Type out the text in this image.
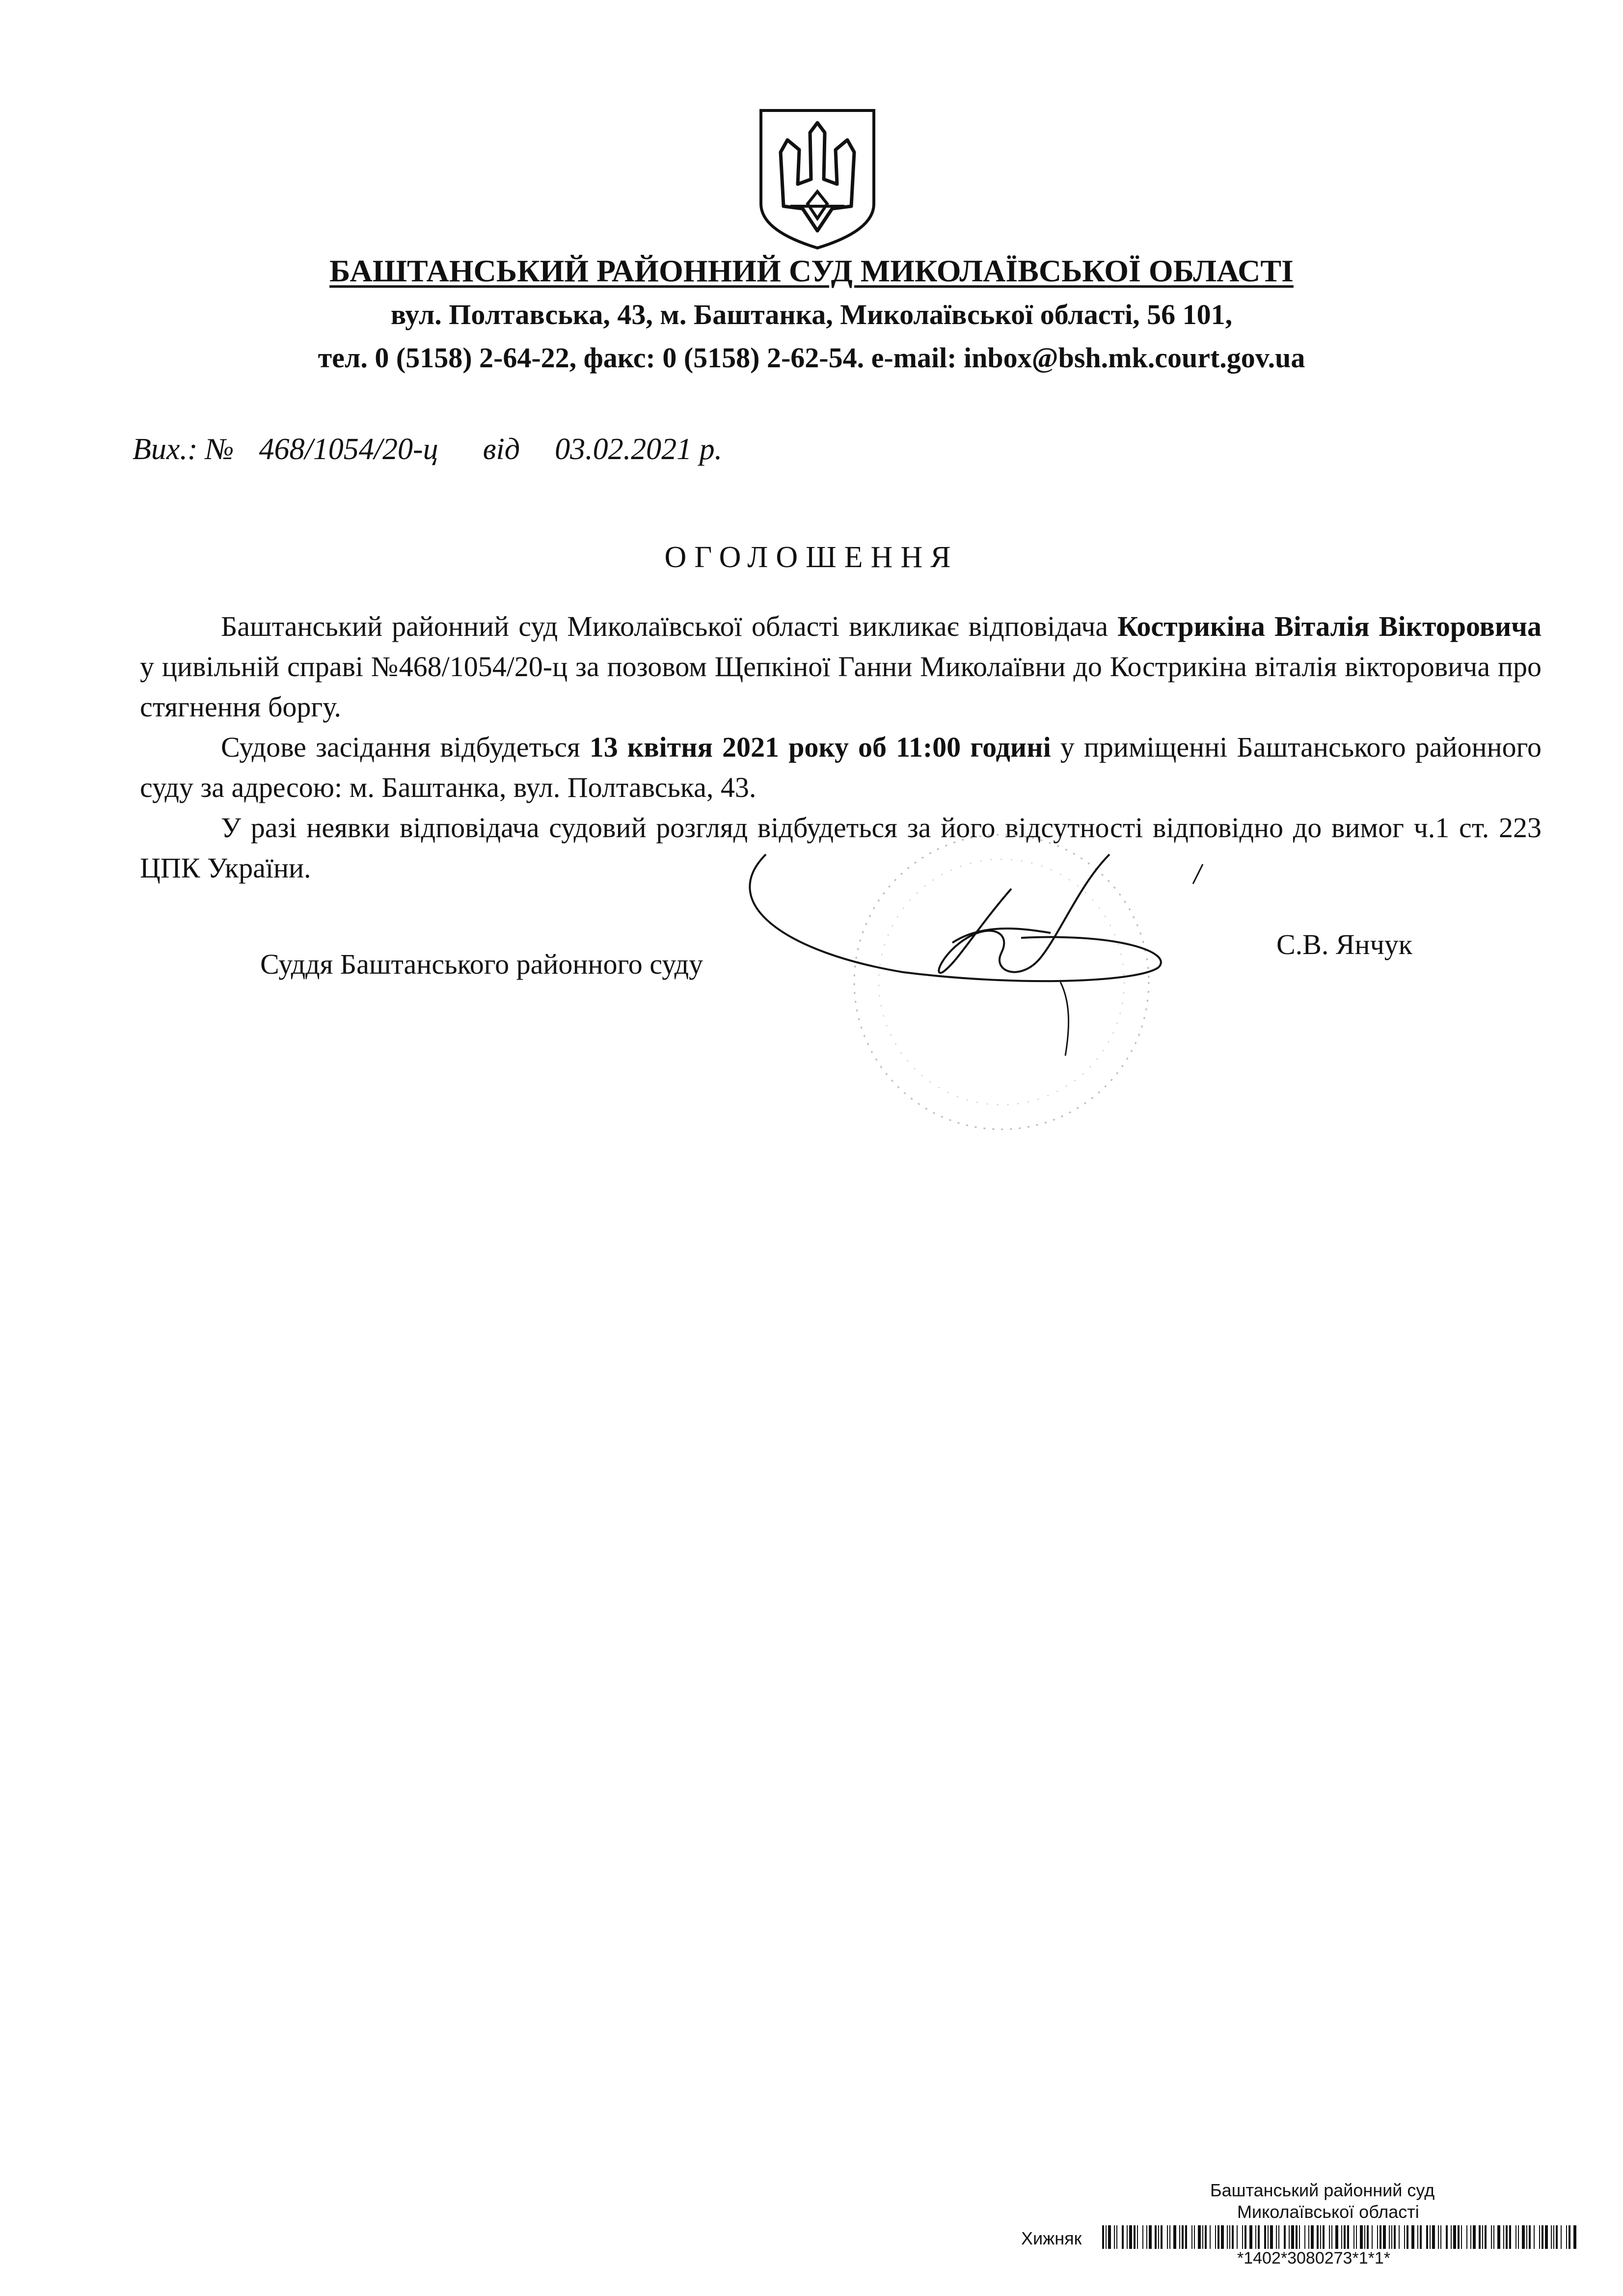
БАШТАНСЬКИЙ РАЙОННИЙ СУД МИКОЛАЇВСЬКОЇ ОБЛАСТІ
вул. Полтавська, 43, м. Баштанка, Миколаївської області, 56 101,
тел. 0 (5158) 2-64-22, факс: 0 (5158) 2-62-54. e-mail: inbox@bsh.mk.court.gov.ua
Вих.: № 468/1054/20-ц від 03.02.2021 р.
ОГОЛОШЕННЯ

Баштанський районний суд Миколаївської області викликає відповідача Кострикіна Віталія Вікторовича у цивільній справі №468/1054/20-ц за позовом Щепкіної Ганни Миколаївни до Кострикіна віталія вікторовича про стягнення боргу.

Судове засідання відбудеться 13 квітня 2021 року об 11:00 годині у приміщенні Баштанського районного суду за адресою: м. Баштанка, вул. Полтавська, 43.

У разі неявки відповідача судовий розгляд відбудеться за його відсутності відповідно до вимог ч.1 ст. 223 ЦПК України.

Суддя Баштанського районного суду
С.В. Янчук
Баштанський районний суд
Миколаївської області
Хижняк
*1402*3080273*1*1*
